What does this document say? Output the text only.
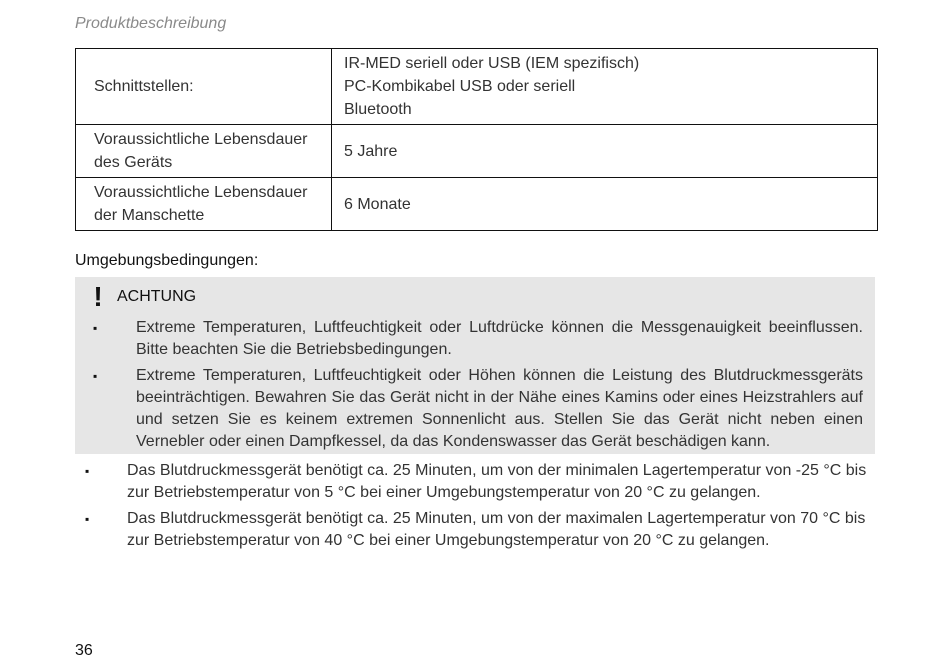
Produktbeschreibung
Schnittstellen:	IR-MED seriell oder USB (IEM spezifisch)
PC-Kombikabel USB oder seriell
Bluetooth

Voraussichtliche Lebensdauer des Geräts	5 Jahre

Voraussichtliche Lebensdauer der Manschette	6 Monate
Umgebungsbedingungen:
! ACHTUNG
▪	Extreme Temperaturen, Luftfeuchtigkeit oder Luftdrücke können die Messgenauigkeit beeinflussen. Bitte beachten Sie die Betriebsbedingungen.
▪	Extreme Temperaturen, Luftfeuchtigkeit oder Höhen können die Leistung des Blutdruckmessgeräts beeinträchtigen. Bewahren Sie das Gerät nicht in der Nähe eines Kamins oder eines Heizstrahlers auf und setzen Sie es keinem extremen Sonnenlicht aus. Stellen Sie das Gerät nicht neben einen Vernebler oder einen Dampfkessel, da das Kondenswasser das Gerät beschädigen kann.
▪	Das Blutdruckmessgerät benötigt ca. 25 Minuten, um von der minimalen Lagertemperatur von -25 °C bis zur Betriebstemperatur von 5 °C bei einer Umgebungstemperatur von 20 °C zu gelangen.
▪	Das Blutdruckmessgerät benötigt ca. 25 Minuten, um von der maximalen Lagertemperatur von 70 °C bis zur Betriebstemperatur von 40 °C bei einer Umgebungstemperatur von 20 °C zu gelangen.
36
